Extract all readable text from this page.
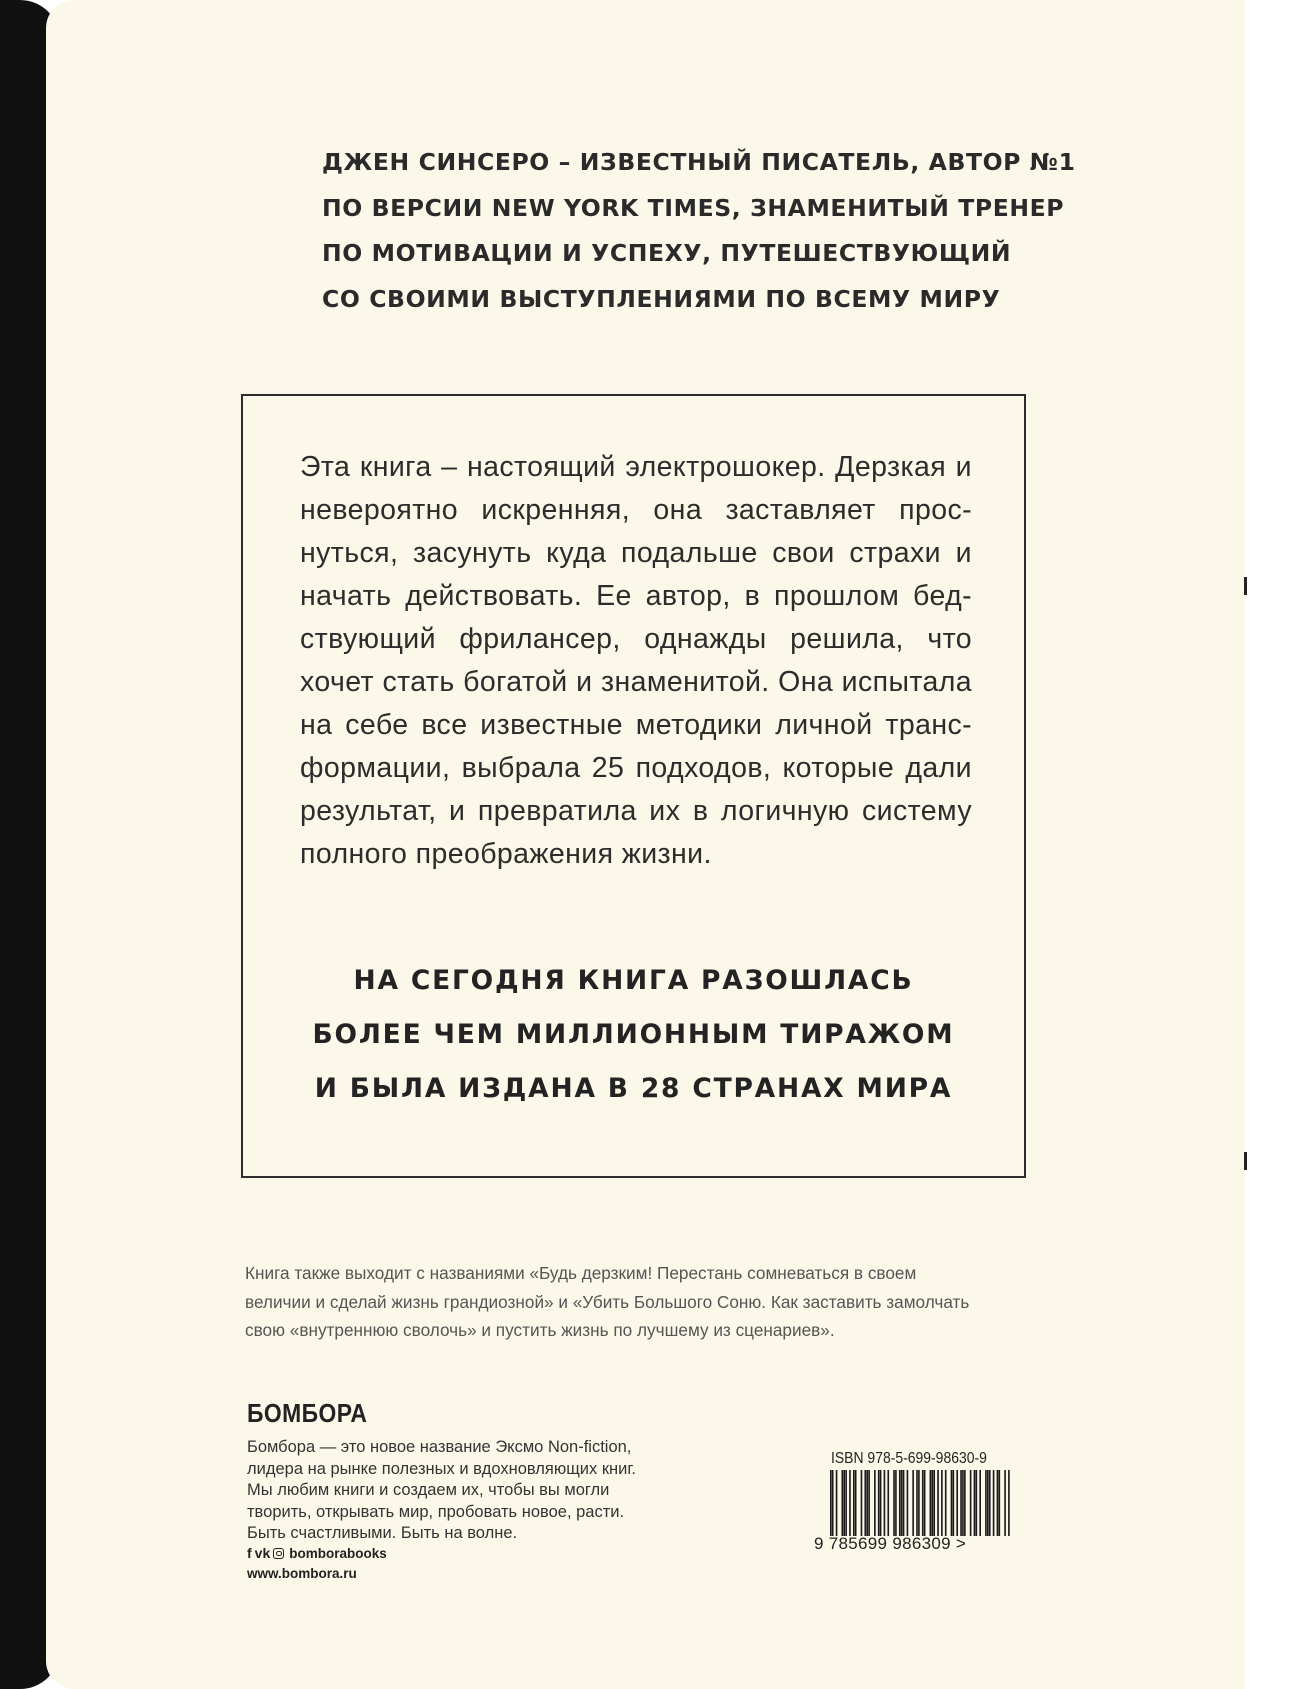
ДЖЕН СИНСЕРО – ИЗВЕСТНЫЙ ПИСАТЕЛЬ, АВТОР №1
ПО ВЕРСИИ NEW YORK TIMES, ЗНАМЕНИТЫЙ ТРЕНЕР
ПО МОТИВАЦИИ И УСПЕХУ, ПУТЕШЕСТВУЮЩИЙ
СО СВОИМИ ВЫСТУПЛЕНИЯМИ ПО ВСЕМУ МИРУ
Эта книга – настоящий электрошокер. Дерзкая и
невероятно искренняя, она заставляет прос-
нуться, засунуть куда подальше свои страхи и
начать действовать. Ее автор, в прошлом бед-
ствующий фрилансер, однажды решила, что
хочет стать богатой и знаменитой. Она испытала
на себе все известные методики личной транс-
формации, выбрала 25 подходов, которые дали
результат, и превратила их в логичную систему
полного преображения жизни.
НА СЕГОДНЯ КНИГА РАЗОШЛАСЬ
БОЛЕЕ ЧЕМ МИЛЛИОННЫМ ТИРАЖОМ
И БЫЛА ИЗДАНА В 28 СТРАНАХ МИРА
Книга также выходит с названиями «Будь дерзким! Перестань сомневаться в своем
величии и сделай жизнь грандиозной» и «Убить Большого Соню. Как заставить замолчать
свою «внутреннюю сволочь» и пустить жизнь по лучшему из сценариев».
БОМБОРА
Бомбора — это новое название Эксмо Non-fiction,
лидера на рынке полезных и вдохновляющих книг.
Мы любим книги и создаем их, чтобы вы могли
творить, открывать мир, пробовать новое, расти.
Быть счастливыми. Быть на волне.
f vk bomborabooks
www.bombora.ru
ISBN 978-5-699-98630-9
9 785699 986309 >
